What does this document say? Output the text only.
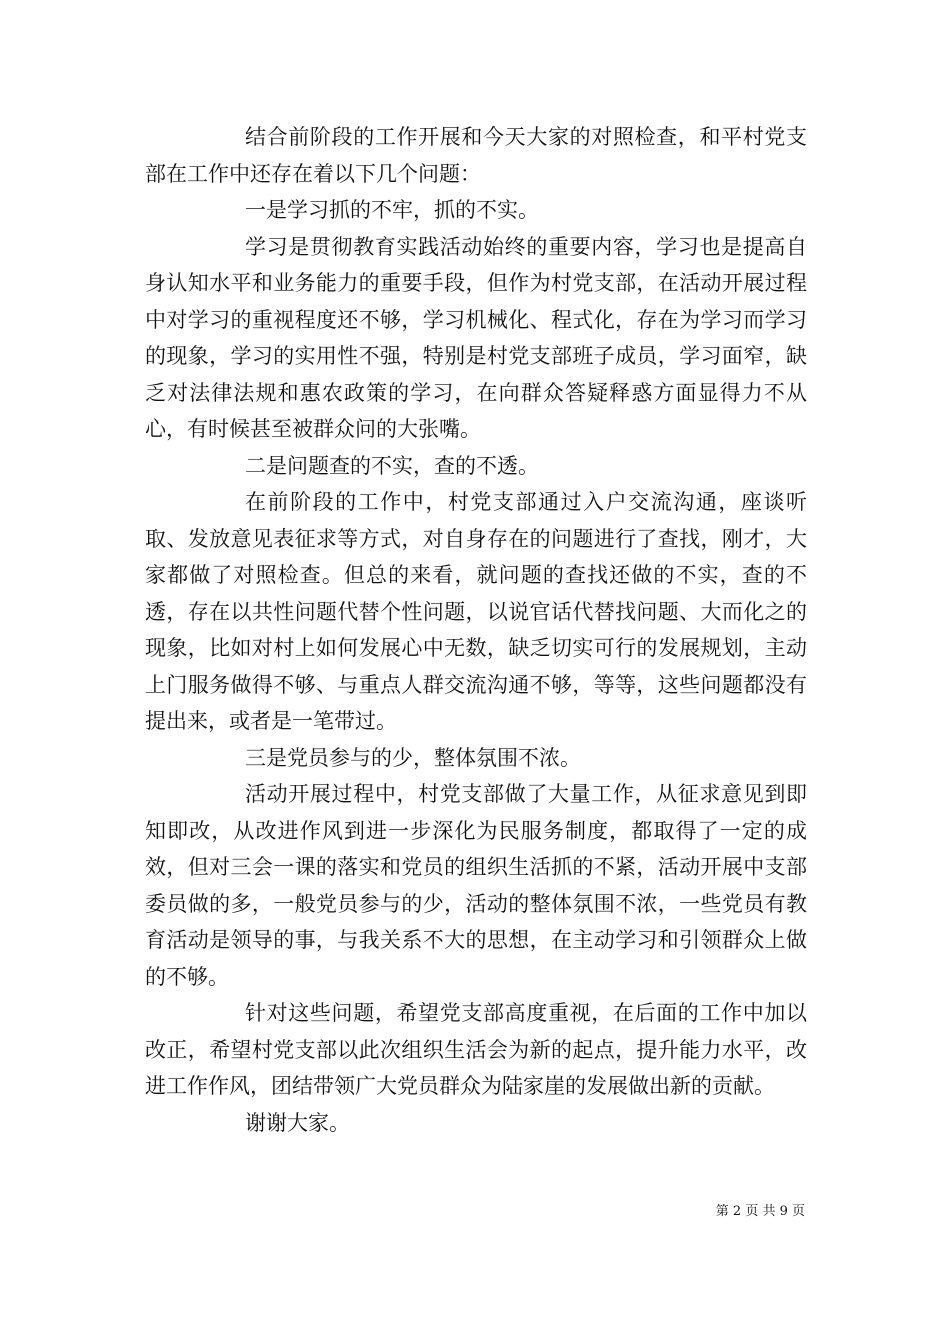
结合前阶段的工作开展和今天大家的对照检查，和平村党支部在工作中还存在着以下几个问题：

一是学习抓的不牢，抓的不实。

学习是贯彻教育实践活动始终的重要内容，学习也是提高自身认知水平和业务能力的重要手段，但作为村党支部，在活动开展过程中对学习的重视程度还不够，学习机械化、程式化，存在为学习而学习的现象，学习的实用性不强，特别是村党支部班子成员，学习面窄，缺乏对法律法规和惠农政策的学习，在向群众答疑释惑方面显得力不从心，有时候甚至被群众问的大张嘴。

二是问题查的不实，查的不透。

在前阶段的工作中，村党支部通过入户交流沟通，座谈听取、发放意见表征求等方式，对自身存在的问题进行了查找，刚才，大家都做了对照检查。但总的来看，就问题的查找还做的不实，查的不透，存在以共性问题代替个性问题，以说官话代替找问题、大而化之的现象，比如对村上如何发展心中无数，缺乏切实可行的发展规划，主动上门服务做得不够、与重点人群交流沟通不够，等等，这些问题都没有提出来，或者是一笔带过。

三是党员参与的少，整体氛围不浓。

活动开展过程中，村党支部做了大量工作，从征求意见到即知即改，从改进作风到进一步深化为民服务制度，都取得了一定的成效，但对三会一课的落实和党员的组织生活抓的不紧，活动开展中支部委员做的多，一般党员参与的少，活动的整体氛围不浓，一些党员有教育活动是领导的事，与我关系不大的思想，在主动学习和引领群众上做的不够。

针对这些问题，希望党支部高度重视，在后面的工作中加以改正，希望村党支部以此次组织生活会为新的起点，提升能力水平，改进工作作风，团结带领广大党员群众为陆家崖的发展做出新的贡献。

谢谢大家。

第 2 页 共 9 页
